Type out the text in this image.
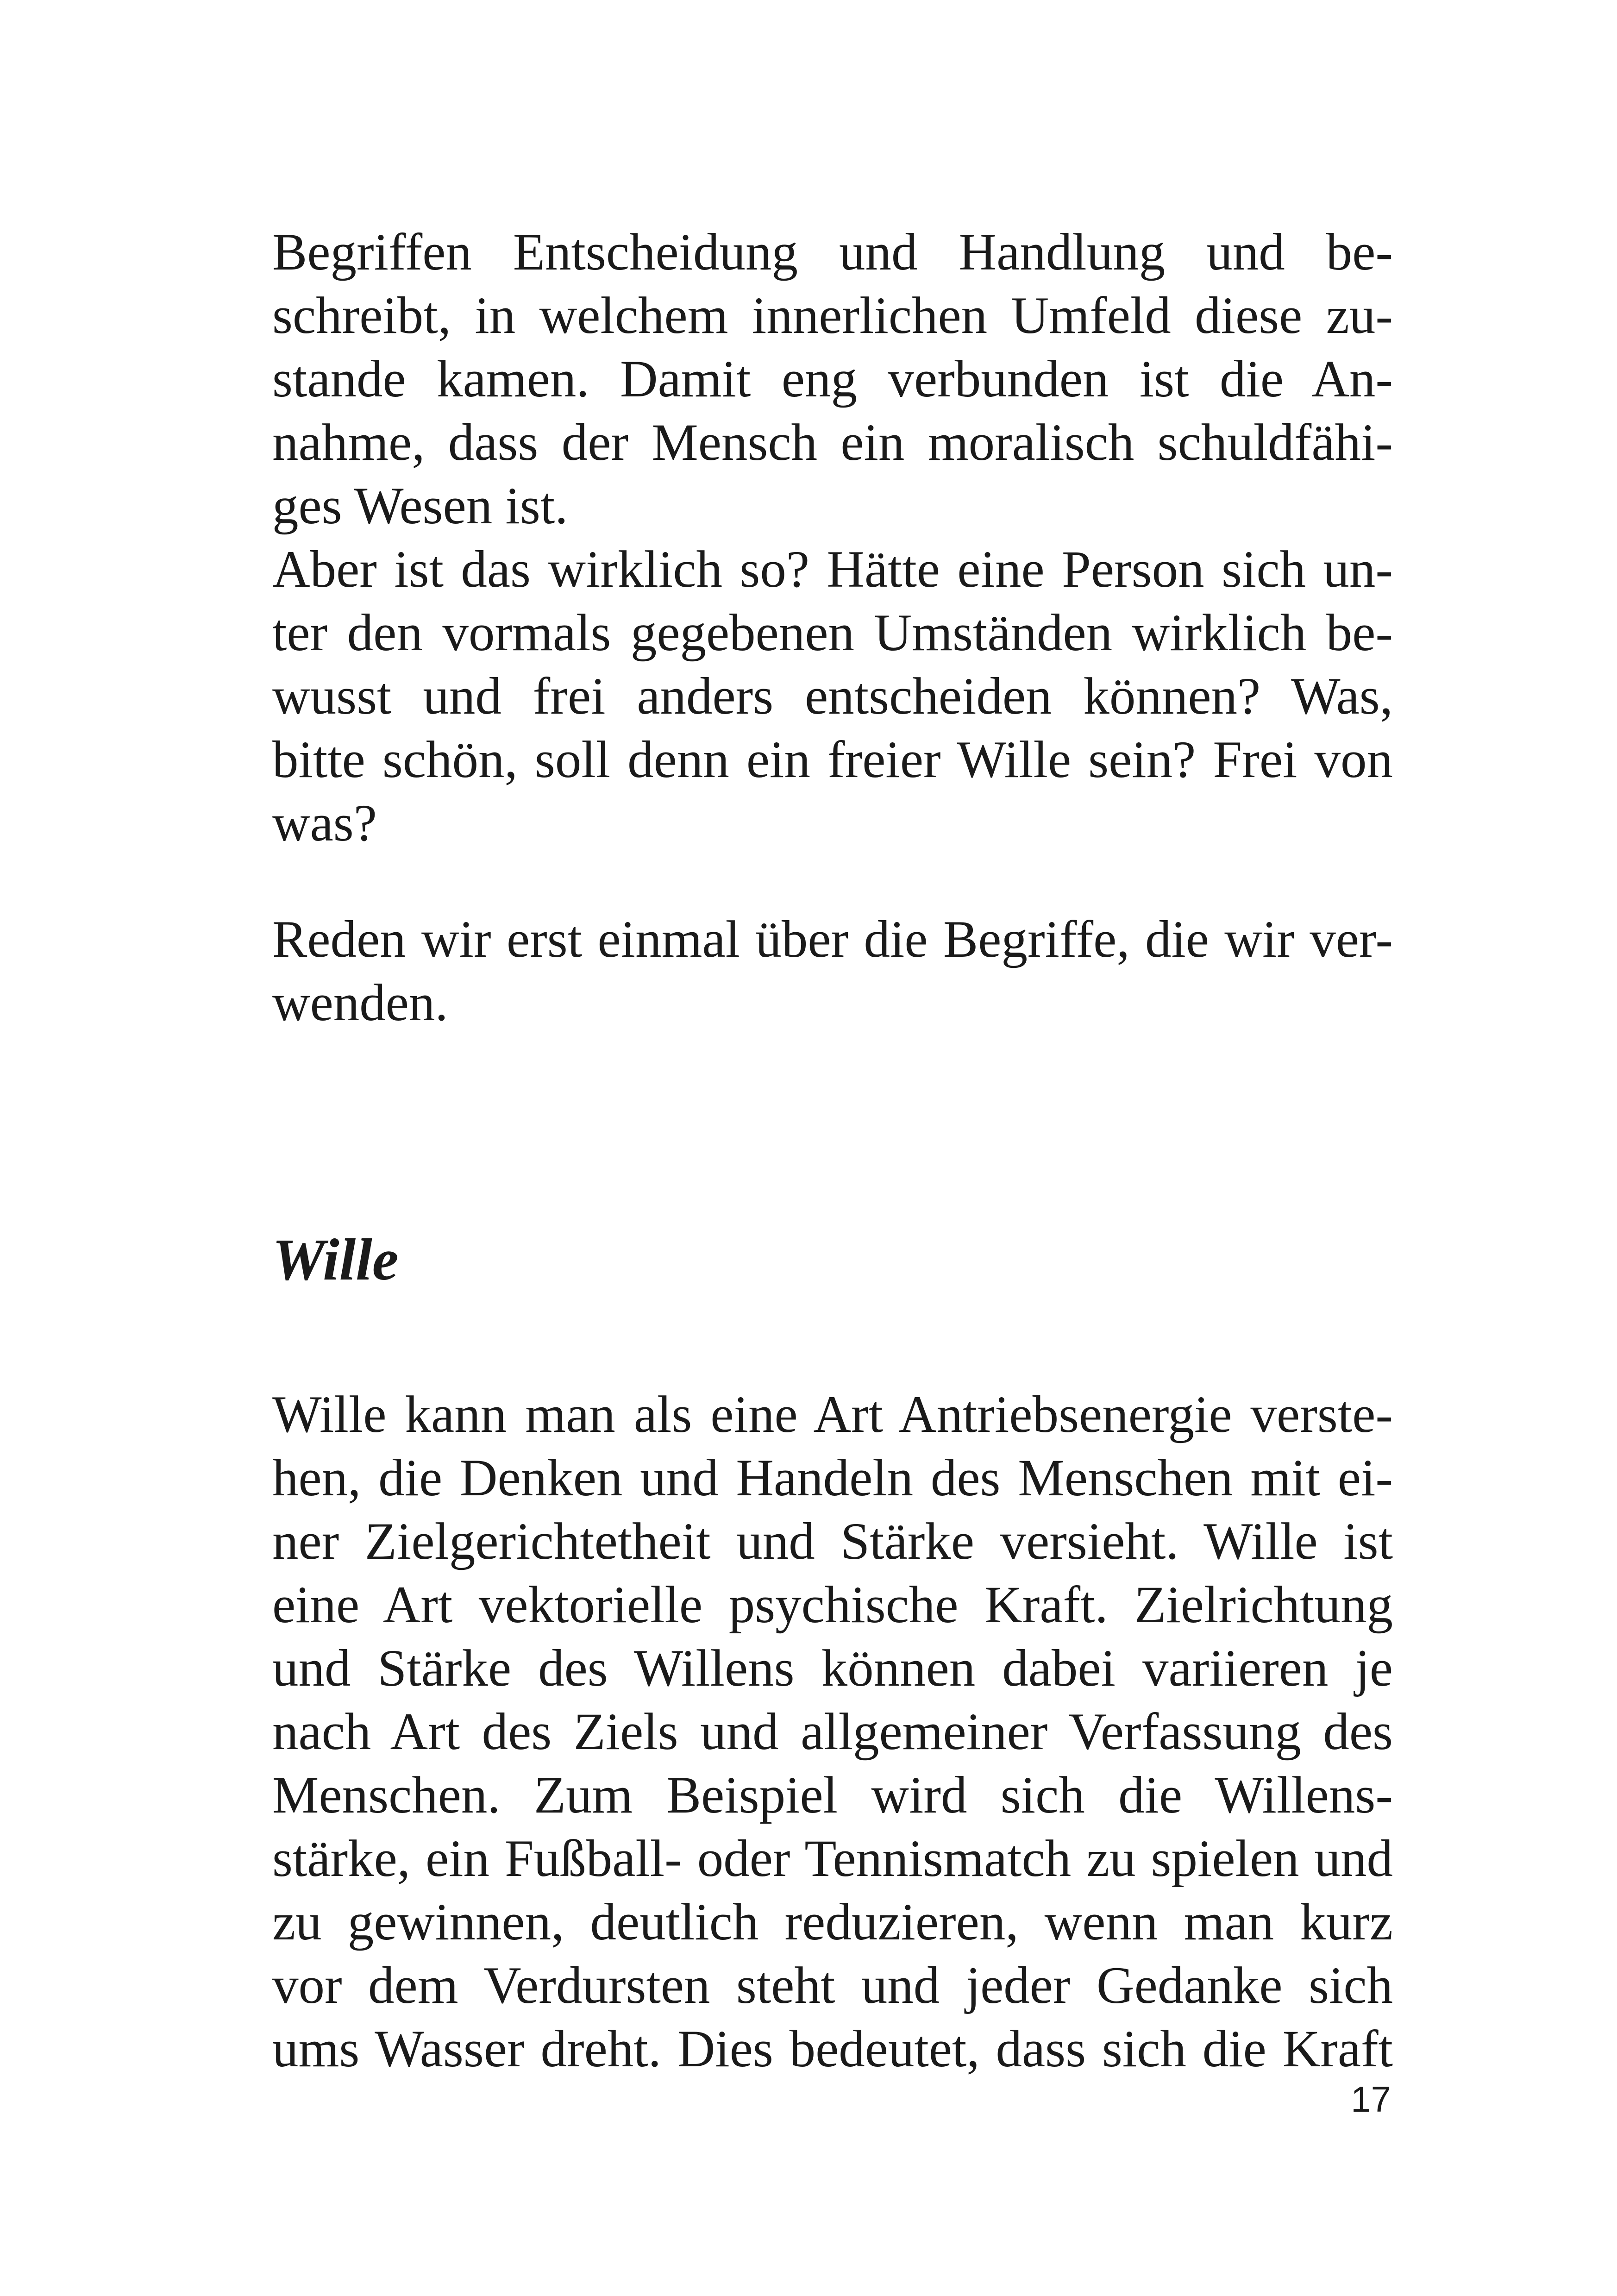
Begriffen Entscheidung und Handlung und be-
schreibt, in welchem innerlichen Umfeld diese zu-
stande kamen. Damit eng verbunden ist die An-
nahme, dass der Mensch ein moralisch schuldfähi-
ges Wesen ist.
Aber ist das wirklich so? Hätte eine Person sich un-
ter den vormals gegebenen Umständen wirklich be-
wusst und frei anders entscheiden können? Was,
bitte schön, soll denn ein freier Wille sein? Frei von
was?
Reden wir erst einmal über die Begriffe, die wir ver-
wenden.
Wille
Wille kann man als eine Art Antriebsenergie verste-
hen, die Denken und Handeln des Menschen mit ei-
ner Zielgerichtetheit und Stärke versieht. Wille ist
eine Art vektorielle psychische Kraft. Zielrichtung
und Stärke des Willens können dabei variieren je
nach Art des Ziels und allgemeiner Verfassung des
Menschen. Zum Beispiel wird sich die Willens-
stärke, ein Fußball- oder Tennismatch zu spielen und
zu gewinnen, deutlich reduzieren, wenn man kurz
vor dem Verdursten steht und jeder Gedanke sich
ums Wasser dreht. Dies bedeutet, dass sich die Kraft
17
